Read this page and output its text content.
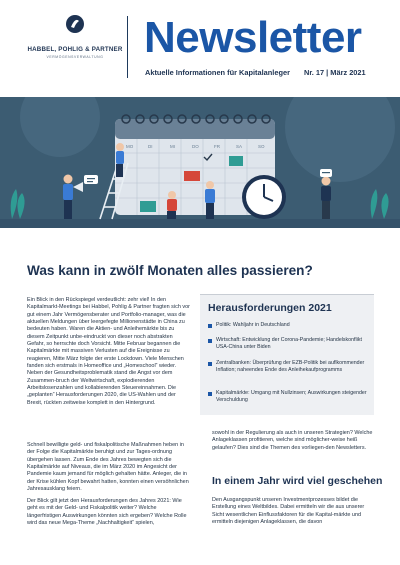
HABBEL, POHLIG & PARTNER
VERMÖGENSVERWALTUNG Newsletter
Aktuelle Informationen für Kapitalanleger Nr. 17 | März 2021
MO	DI	MI	DO	FR	SA	SO
Was kann in zwölf Monaten alles passieren?
Ein Blick in den Rückspiegel verdeutlicht: zehr viel! In den Kapitalmarkt-Meetings bei Habbel, Pohlig & Partner fragten sich vor gut einem Jahr Vermögensberater und Portfolio-manager, was die aktuellen Meldungen über leergefegte Millionenstädte in China zu bedeuten haben. Waren die Aktien- und Anleihemärkte bis zu diesem Zeitpunkt unbe-eindruckt von dieser noch abstrakten Gefahr, so herrschte doch Vorsicht. Mitte Februar begannen die Kapitalmärkte mit massiven Verlusten auf die Ereignisse zu reagieren, Mitte März folgte der erste Lockdown. Viele Menschen fanden sich erstmals in Homeoffice und „Homeschool“ wieder. Neben der Gesundheitsproblematik stand die Angst vor dem Zusammen-bruch der Weltwirtschaft, explodierenden Arbeitslosenzahlen und kollabierenden Steuereinnahmen. Die „geplanten“ Herausforderungen 2020, die US-Wahlen und der Brexit, rückten zeitweise komplett in den Hintergrund.
Schnell bewilligte geld- und fiskalpolitische Maßnahmen heben in der Folge die Kapitalmärkte beruhigt und zur Tages-ordnung übergehen lassen. Zum Ende des Jahres bewegten sich die Kapitalmärkte auf Niveaus, die im März 2020 im Angesicht der Pandemie kaum jemand für möglich gehalten hätte. Anleger, die in der Krise kühlen Kopf bewahrt hatten, konnten einen versöhnlichen Jahresausklang feiern.
Der Blick gilt jetzt den Herausforderungen des Jahres 2021: Wie geht es mit der Geld- und Fiskalpolitik weiter? Welche längerfristigen Auswirkungen könnten sich ergeben? Welche Rolle wird das neue Mega-Theme „Nachhaltigkeit“ spielen,
Herausforderungen 2021
Politik: Wahljahr in Deutschland
Wirtschaft: Entwicklung der Corona-Pandemie; Handelskonflikt USA-China unter Biden
Zentralbanken: Überprüfung der EZB-Politik bei auflkommender Inflation; naheendes Ende des Anleihekaufprogramms
Kapitalmärkte: Umgang mit Nullzinsen; Auswirkungen steigender Verschuldung
sowohl in der Regulierung als auch in unseren Strategien? Welche Anlageklassen profitieren, welche sind möglicher-weise heiß gelaufen? Dies sind die Themen des vorliegen-den Newsletters.
In einem Jahr wird viel geschehen
Den Ausgangspunkt unseren Investmentprozesses bildet die Erstellung eines Weltbildes. Dabei ermitteln wir die aus unserer Sicht wesentlichen Einflussfaktoren für die Kapital-märkte und ermitteln diejenigen Anlageklassen, die davon
